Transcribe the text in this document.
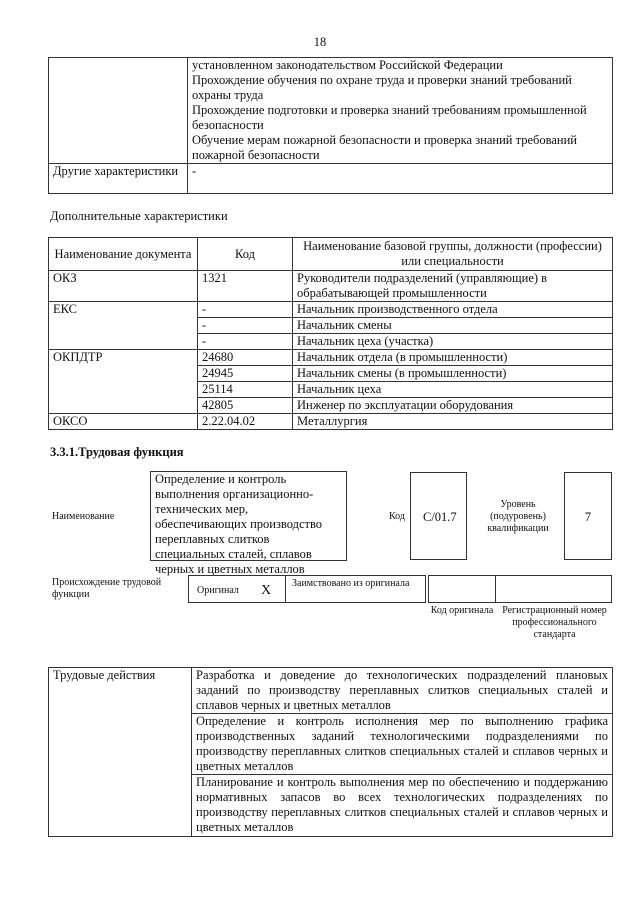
18

	установленном законодательством Российской Федерации
Прохождение обучения по охране труда и проверки знаний требований охраны труда
Прохождение подготовки и проверка знаний требованиям промышленной безопасности
Обучение мерам пожарной безопасности и проверка знаний требований пожарной безопасности

Другие характеристики	-
Дополнительные характеристики
Наименование документа	Код	Наименование базовой группы, должности (профессии) или специальности
ОКЗ	1321	Руководители подразделений (управляющие) в обрабатывающей промышленности
ЕКС	-	Начальник производственного отдела
	-	Начальник смены
	-	Начальник цеха (участка)
ОКПДТР	24680	Начальник отдела (в промышленности)
	24945	Начальник смены (в промышленности)
	25114	Начальник цеха
	42805	Инженер по эксплуатации оборудования
ОКСО	2.22.04.02	Металлургия
3.3.1.Трудовая функция
Наименование
Определение и контроль выполнения организационно-технических мер, обеспечивающих производство переплавных слитков специальных сталей, сплавов черных и цветных металлов
Код	C/01.7
Уровень (подуровень) квалификации
7
Происхождение трудовой функции	Оригинал X	Заимствовано из оригинала
Код оригинала Регистрационный номер профессионального стандарта
Трудовые действия	Разработка и доведение до технологических подразделений плановых заданий по производству переплавных слитков специальных сталей и сплавов черных и цветных металлов
Определение и контроль исполнения мер по выполнению графика производственных заданий технологическими подразделениями по производству переплавных слитков специальных сталей и сплавов черных и цветных металлов
Планирование и контроль выполнения мер по обеспечению и поддержанию нормативных запасов во всех технологических подразделениях по производству переплавных слитков специальных сталей и сплавов черных и цветных металлов
